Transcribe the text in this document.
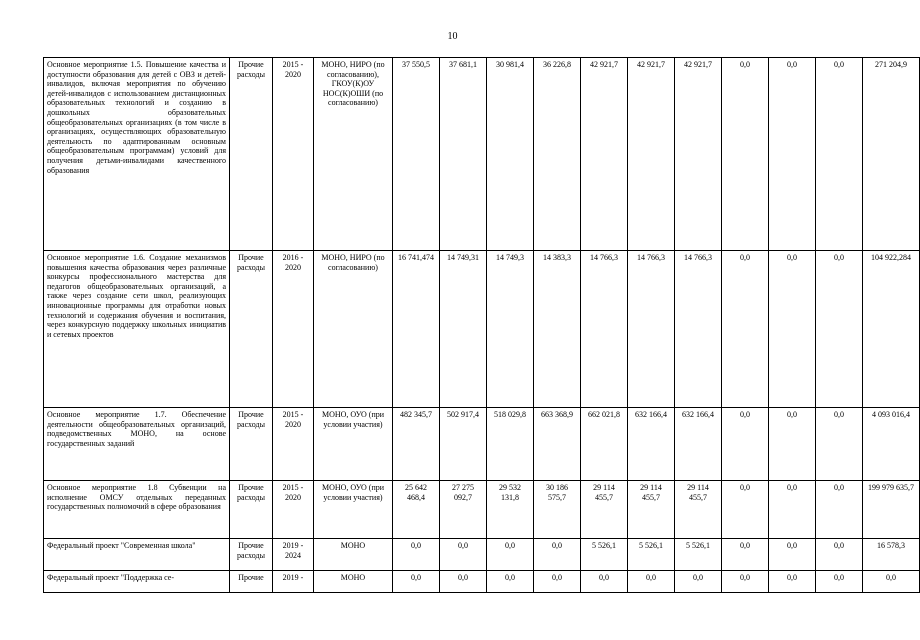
10
Основное мероприятие 1.5. Повышение качества и доступности образования для детей с ОВЗ и детей-инвалидов, включая мероприятия по обучению детей-инвалидов с использованием дистанционных образовательных технологий и созданию в дошкольных образовательных общеобразовательных организациях (в том числе в организациях, осуществляющих образовательную деятельность по адаптированным основным общеобразовательным программам) условий для получения детьми-инвалидами качественного образования	Прочие расходы	2015 - 2020	МОНО, НИРО (по согласованию), ГКОУ(К)ОУ НОС(К)ОШИ (по согласованию)	37 550,5	37 681,1	30 981,4	36 226,8	42 921,7	42 921,7	42 921,7	0,0	0,0	0,0	271 204,9
Основное мероприятие 1.6. Создание механизмов повышения качества образования через различные конкурсы профессионального мастерства для педагогов общеобразовательных организаций, а также через создание сети школ, реализующих инновационные программы для отработки новых технологий и содержания обучения и воспитания, через конкурсную поддержку школьных инициатив и сетевых проектов	Прочие расходы	2016 - 2020	МОНО, НИРО (по согласованию)	16 741,474	14 749,31	14 749,3	14 383,3	14 766,3	14 766,3	14 766,3	0,0	0,0	0,0	104 922,284
Основное мероприятие 1.7. Обеспечение деятельности общеобразовательных организаций, подведомственных МОНО, на основе государственных заданий	Прочие расходы	2015 - 2020	МОНО, ОУО (при условии участия)	482 345,7	502 917,4	518 029,8	663 368,9	662 021,8	632 166,4	632 166,4	0,0	0,0	0,0	4 093 016,4
Основное мероприятие 1.8 Субвенции на исполнение ОМСУ отдельных переданных государственных полномочий в сфере образования	Прочие расходы	2015 - 2020	МОНО, ОУО (при условии участия)	25 642 468,4	27 275 092,7	29 532 131,8	30 186 575,7	29 114 455,7	29 114 455,7	29 114 455,7	0,0	0,0	0,0	199 979 635,7
Федеральный проект "Современная школа"	Прочие расходы	2019 - 2024	МОНО	0,0	0,0	0,0	0,0	5 526,1	5 526,1	5 526,1	0,0	0,0	0,0	16 578,3
Федеральный проект "Поддержка се-	Прочие	2019 -	МОНО	0,0	0,0	0,0	0,0	0,0	0,0	0,0	0,0	0,0	0,0	0,0
